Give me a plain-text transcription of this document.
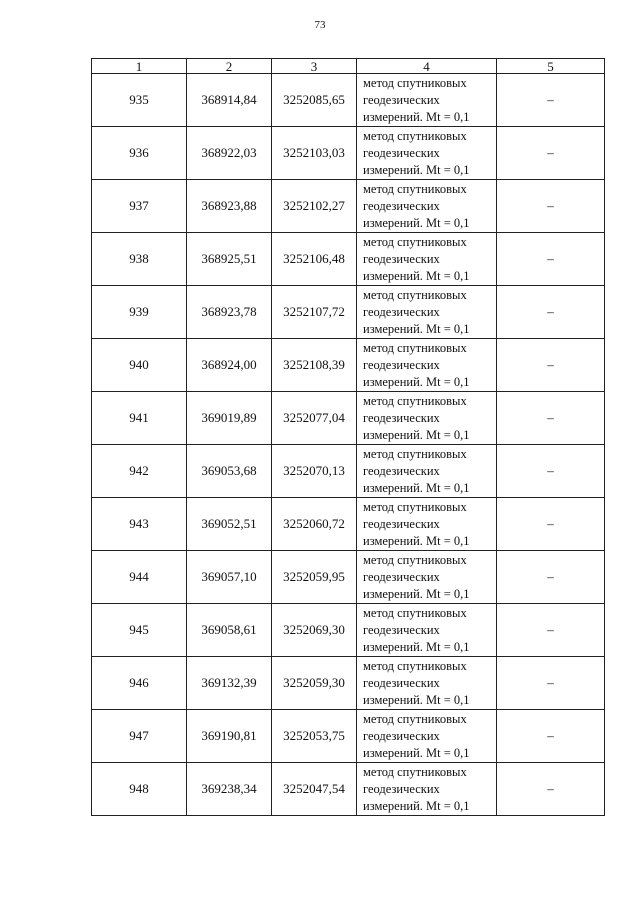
73
1	2	3	4	5
935	368914,84	3252085,65	метод спутниковых
геодезических
измерений. Mt = 0,1	–
936	368922,03	3252103,03	метод спутниковых
геодезических
измерений. Mt = 0,1	–
937	368923,88	3252102,27	метод спутниковых
геодезических
измерений. Mt = 0,1	–
938	368925,51	3252106,48	метод спутниковых
геодезических
измерений. Mt = 0,1	–
939	368923,78	3252107,72	метод спутниковых
геодезических
измерений. Mt = 0,1	–
940	368924,00	3252108,39	метод спутниковых
геодезических
измерений. Mt = 0,1	–
941	369019,89	3252077,04	метод спутниковых
геодезических
измерений. Mt = 0,1	–
942	369053,68	3252070,13	метод спутниковых
геодезических
измерений. Mt = 0,1	–
943	369052,51	3252060,72	метод спутниковых
геодезических
измерений. Mt = 0,1	–
944	369057,10	3252059,95	метод спутниковых
геодезических
измерений. Mt = 0,1	–
945	369058,61	3252069,30	метод спутниковых
геодезических
измерений. Mt = 0,1	–
946	369132,39	3252059,30	метод спутниковых
геодезических
измерений. Mt = 0,1	–
947	369190,81	3252053,75	метод спутниковых
геодезических
измерений. Mt = 0,1	–
948	369238,34	3252047,54	метод спутниковых
геодезических
измерений. Mt = 0,1	–
